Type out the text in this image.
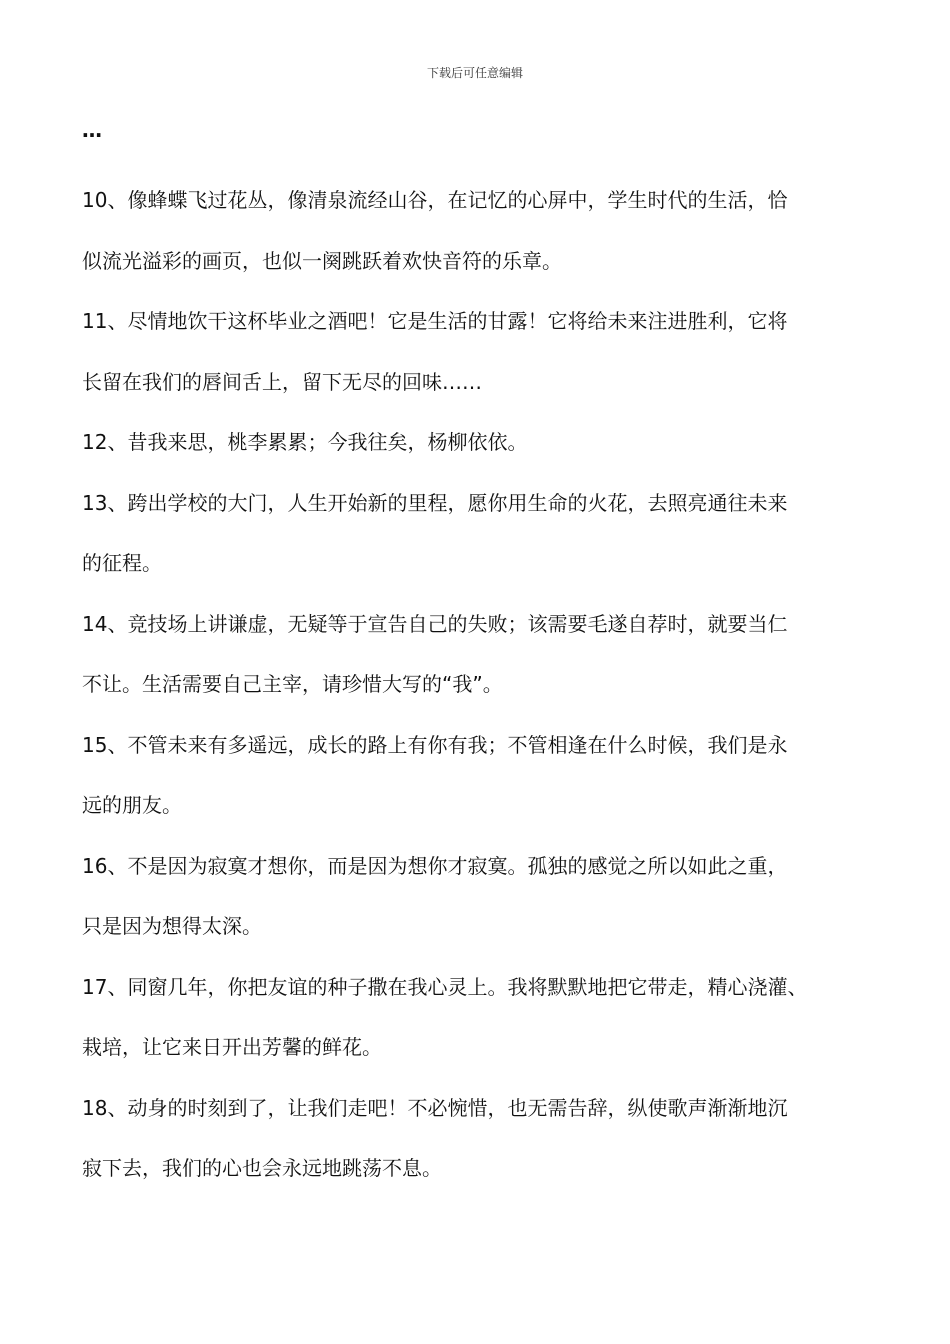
下载后可任意编辑
…

10、像蜂蝶飞过花丛，像清泉流经山谷，在记忆的心屏中，学生时代的生活，恰

似流光溢彩的画页，也似一阕跳跃着欢快音符的乐章。

11、尽情地饮干这杯毕业之酒吧！它是生活的甘露！它将给未来注进胜利，它将

长留在我们的唇间舌上，留下无尽的回味……

12、昔我来思，桃李累累；今我往矣，杨柳依依。

13、跨出学校的大门，人生开始新的里程，愿你用生命的火花，去照亮通往未来

的征程。

14、竞技场上讲谦虚，无疑等于宣告自己的失败；该需要毛遂自荐时，就要当仁

不让。生活需要自己主宰，请珍惜大写的“我”。

15、不管未来有多遥远，成长的路上有你有我；不管相逢在什么时候，我们是永

远的朋友。

16、不是因为寂寞才想你，而是因为想你才寂寞。孤独的感觉之所以如此之重，

只是因为想得太深。

17、同窗几年，你把友谊的种子撒在我心灵上。我将默默地把它带走，精心浇灌、

栽培，让它来日开出芳馨的鲜花。

18、动身的时刻到了，让我们走吧！不必惋惜，也无需告辞，纵使歌声渐渐地沉

寂下去，我们的心也会永远地跳荡不息。
